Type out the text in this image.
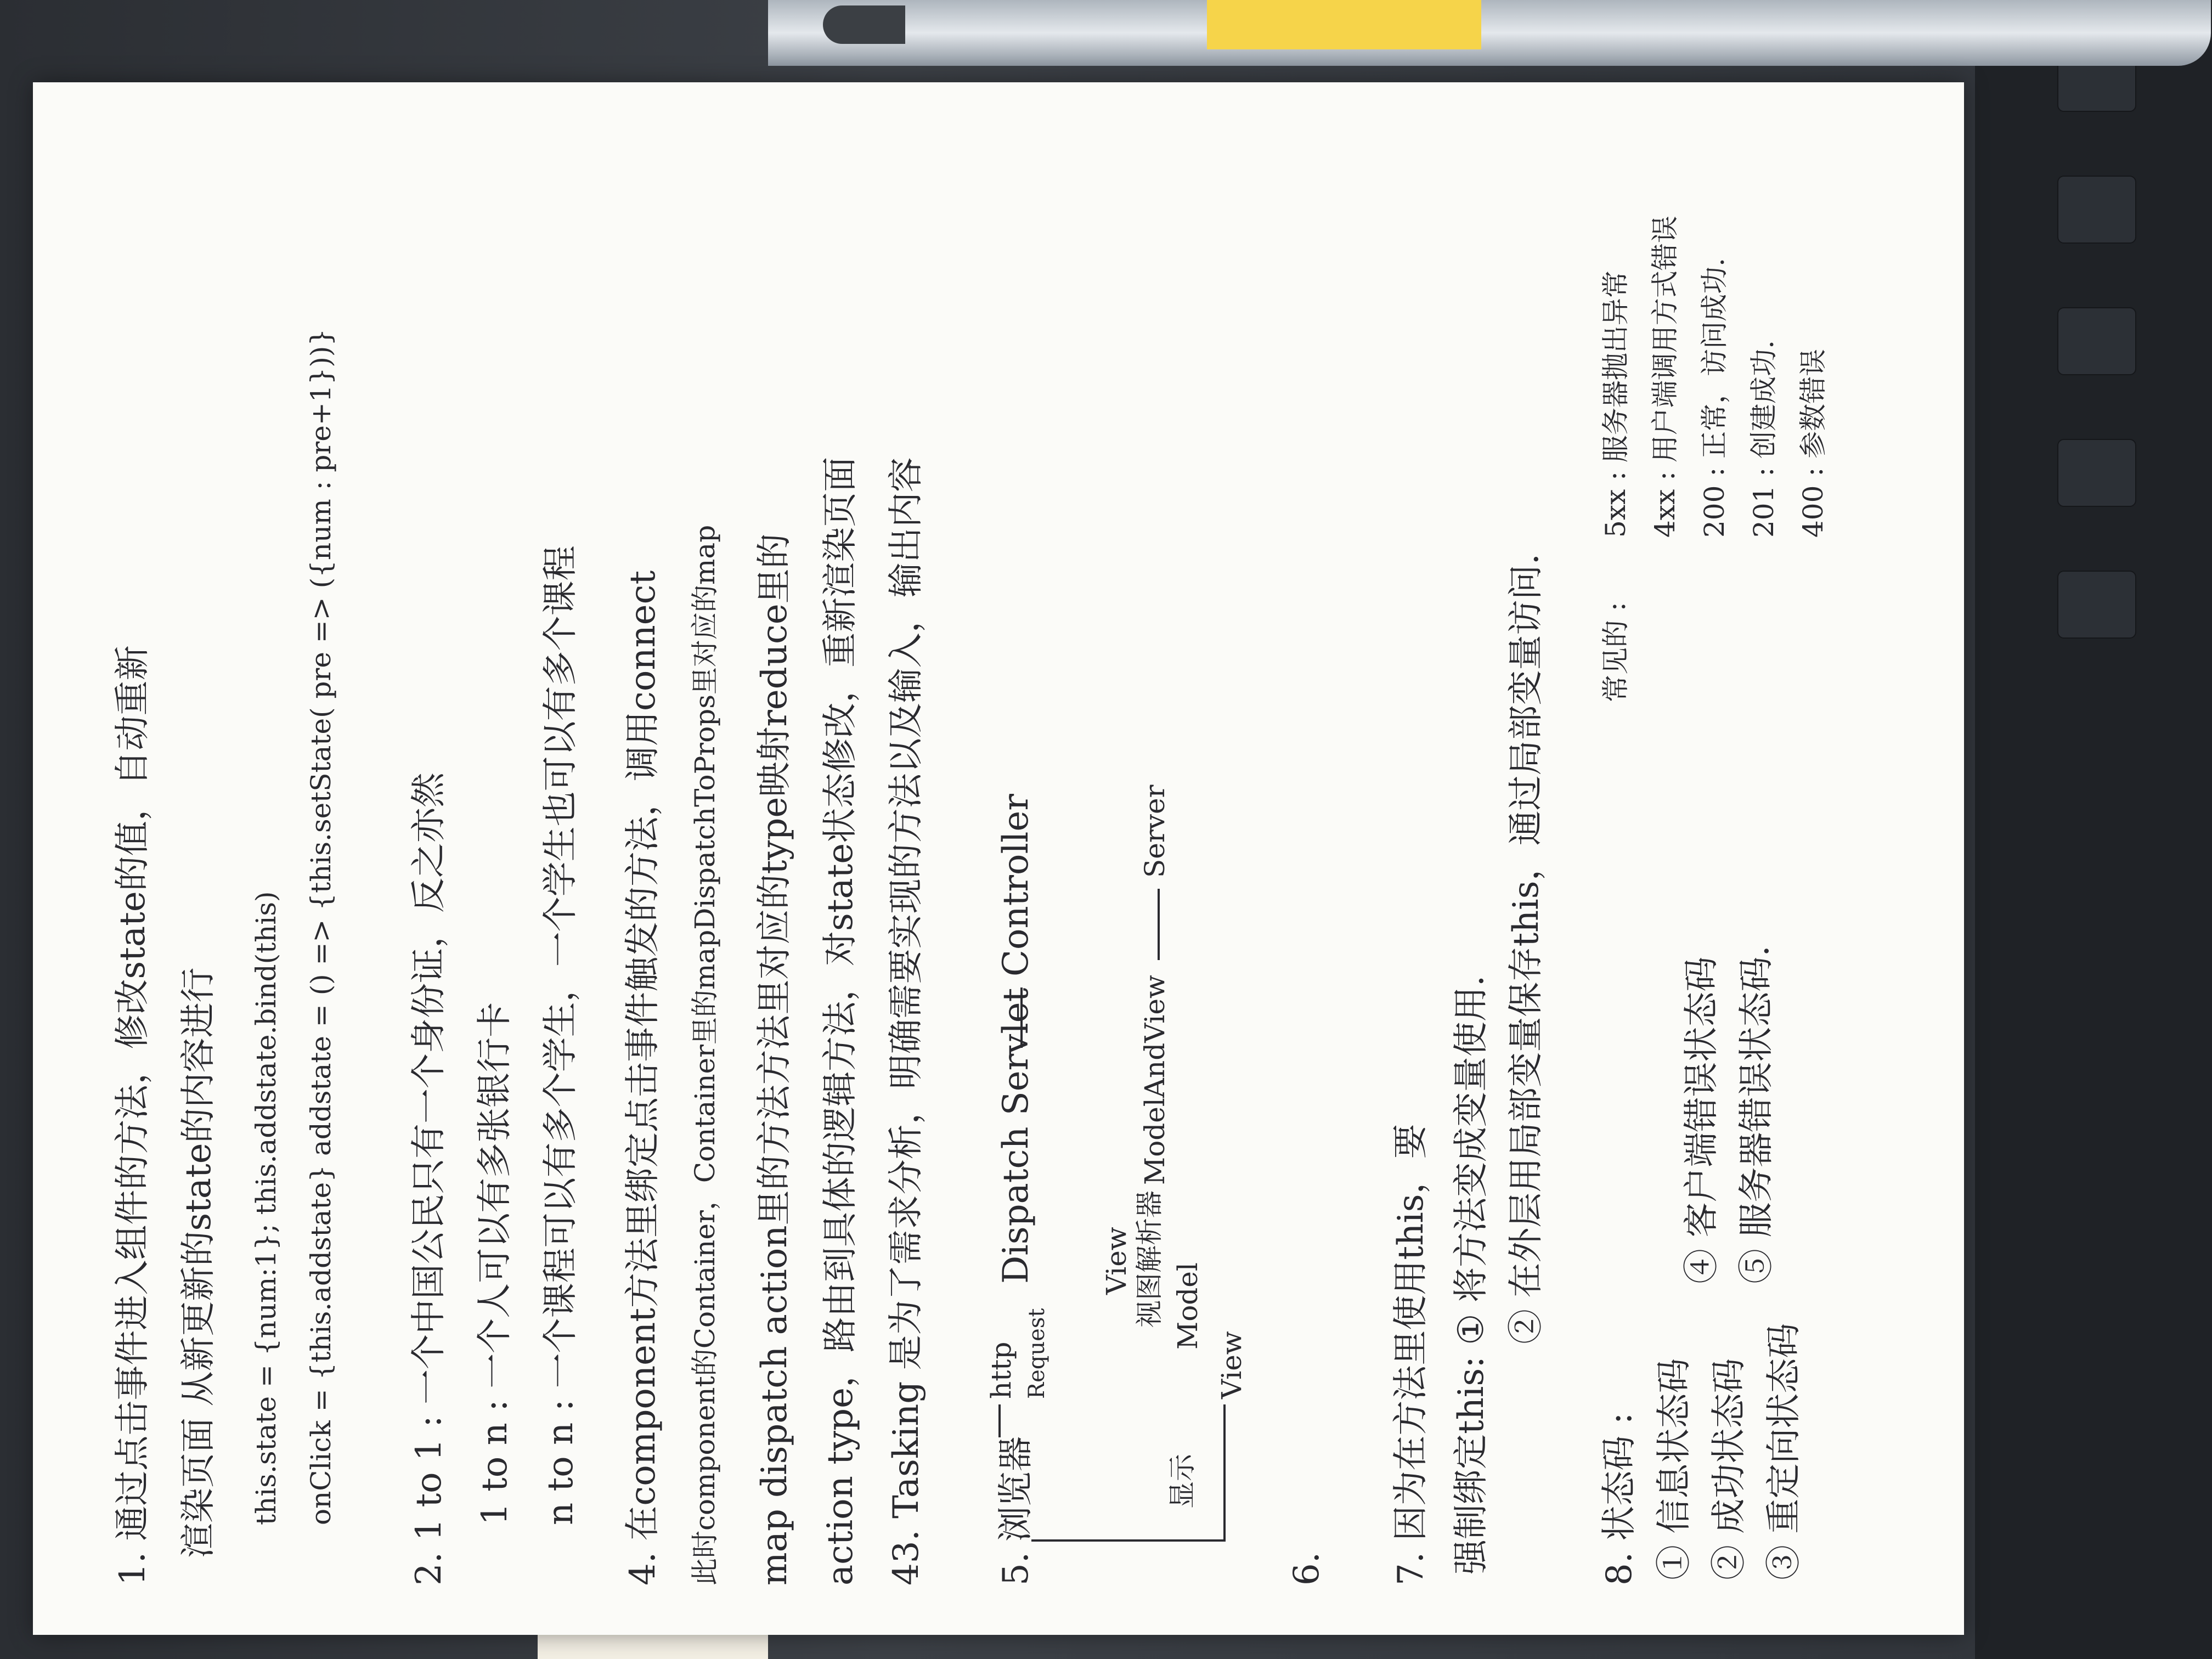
1. 通过点击事件进入组件的方法，修改state的值，自动重新 渲染页面 从新更新的state的内容进行 this.state = {num:1}; this.addstate.bind(this) onClick = {this.addstate} addstate = () => {this.setState( pre => ({num : pre+1}))} 2. 1 to 1 : 一个中国公民只有一个身份证，反之亦然 1 to n : 一个人可以有多张银行卡 n to n : 一个课程可以有多个学生，一个学生也可以有多个课程 4. 在component方法里绑定点击事件触发的方法，调用connect 此时component的Container，Container里的mapDispatchToProps里对应的map map dispatch action里的方法方法里对应的type映射reduce里的 action type，路由到具体的逻辑方法，对state状态修改，重新渲染页面 43. Tasking 是为了需求分析，明确需要实现的方法以及输入，输出内容 5.
浏览器
http Request
Dispatch Servlet
Controller	Server
ModelAndView
View 视图解析器 Model
View
显示
6. 7. 因为在方法里使用this，要 强制绑定this: ① 将方法变成变量使用. ② 在外层用局部变量保存this，通过局部变量访问.
8. 状态码 : ① 信息状态码 ② 成功状态码 ③ 重定向状态码
④ 客户端错误状态码 ⑤ 服务器错误状态码.
常见的 :
5xx : 服务器抛出异常 4xx : 用户端调用方式错误 200 : 正常，访问成功. 201 : 创建成功. 400 : 参数错误
